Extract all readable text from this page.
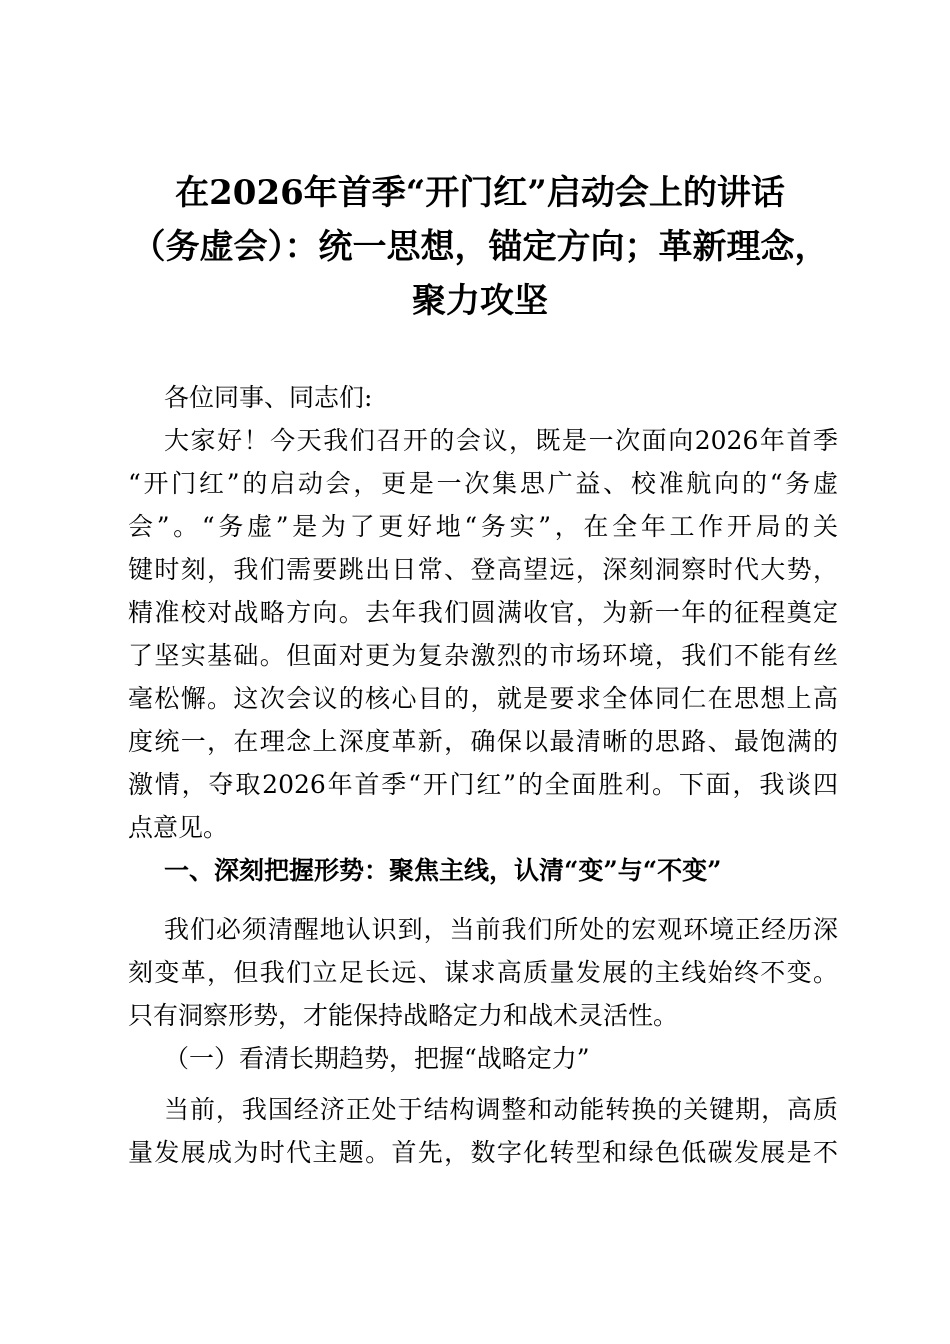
在2026年首季“开门红”启动会上的讲话
（务虚会）：统一思想，锚定方向；革新理念，
聚力攻坚
各位同事、同志们:
大家好！今天我们召开的会议，既是一次面向2026年首季
“开门红”的启动会，更是一次集思广益、校准航向的“务虚
会”。“务虚”是为了更好地“务实”，在全年工作开局的关
键时刻，我们需要跳出日常、登高望远，深刻洞察时代大势，
精准校对战略方向。去年我们圆满收官，为新一年的征程奠定
了坚实基础。但面对更为复杂激烈的市场环境，我们不能有丝
毫松懈。这次会议的核心目的，就是要求全体同仁在思想上高
度统一，在理念上深度革新，确保以最清晰的思路、最饱满的
激情，夺取2026年首季“开门红”的全面胜利。下面，我谈四
点意见。
一、深刻把握形势：聚焦主线，认清“变”与“不变”
我们必须清醒地认识到，当前我们所处的宏观环境正经历深
刻变革，但我们立足长远、谋求高质量发展的主线始终不变。
只有洞察形势，才能保持战略定力和战术灵活性。
（一）看清长期趋势，把握“战略定力”
当前，我国经济正处于结构调整和动能转换的关键期，高质
量发展成为时代主题。首先，数字化转型和绿色低碳发展是不
